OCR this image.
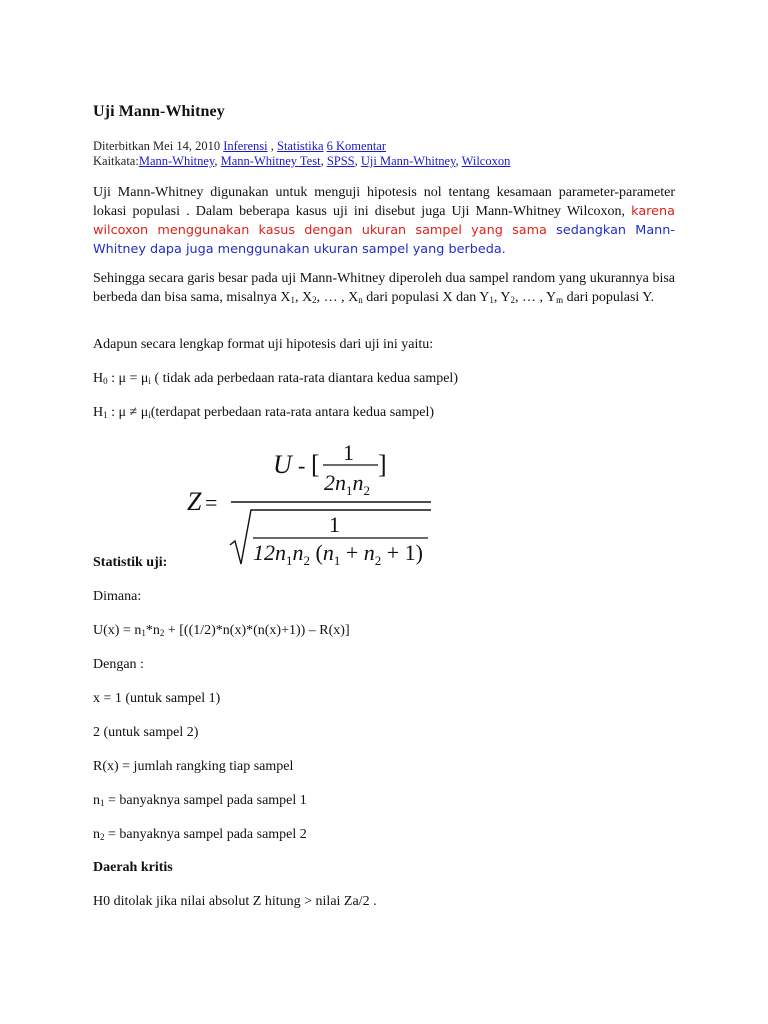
Uji Mann-Whitney
Diterbitkan Mei 14, 2010 Inferensi , Statistika 6 Komentar
Kaitkata:Mann-Whitney, Mann-Whitney Test, SPSS, Uji Mann-Whitney, Wilcoxon
Uji Mann-Whitney digunakan untuk menguji hipotesis nol tentang kesamaan parameter-parameter lokasi populasi . Dalam beberapa kasus uji ini disebut juga Uji Mann-Whitney Wilcoxon, karena wilcoxon menggunakan kasus dengan ukuran sampel yang sama sedangkan Mann-Whitney dapa juga menggunakan ukuran sampel yang berbeda.
Sehingga secara garis besar pada uji Mann-Whitney diperoleh dua sampel random yang ukurannya bisa berbeda dan bisa sama, misalnya $X_1$, $X_2$, … , $X_n$ dari populasi X dan $Y_1$, $Y_2$, … , $Y_m$ dari populasi Y.
Adapun secara lengkap format uji hipotesis dari uji ini yaitu:
$H_0$ : $\mu = \mu_i$ ( tidak ada perbedaan rata-rata diantara kedua sampel)
$H_1$ : $\mu \ne \mu_i(terdapat$ perbedaan rata-rata antara kedua sampel)
Z =
U - [ 1
$2n_1n_2$
]
1
$12n_1n_2$ $(n_1 + n_2 + 1)$
Statistik uji:
Dimana:
$U(x) = n_1*n_2 + [((1/2)*n(x)*(n(x)+1)) - R(x)]$
Dengan :
x = 1 (untuk sampel 1)
2 (untuk sampel 2)
R(x) = jumlah rangking tiap sampel
$n_1$ = banyaknya sampel pada sampel 1
$n_2$ = banyaknya sampel pada sampel 2
Daerah kritis
H0 ditolak jika nilai absolut Z hitung > nilai Za/2 .
